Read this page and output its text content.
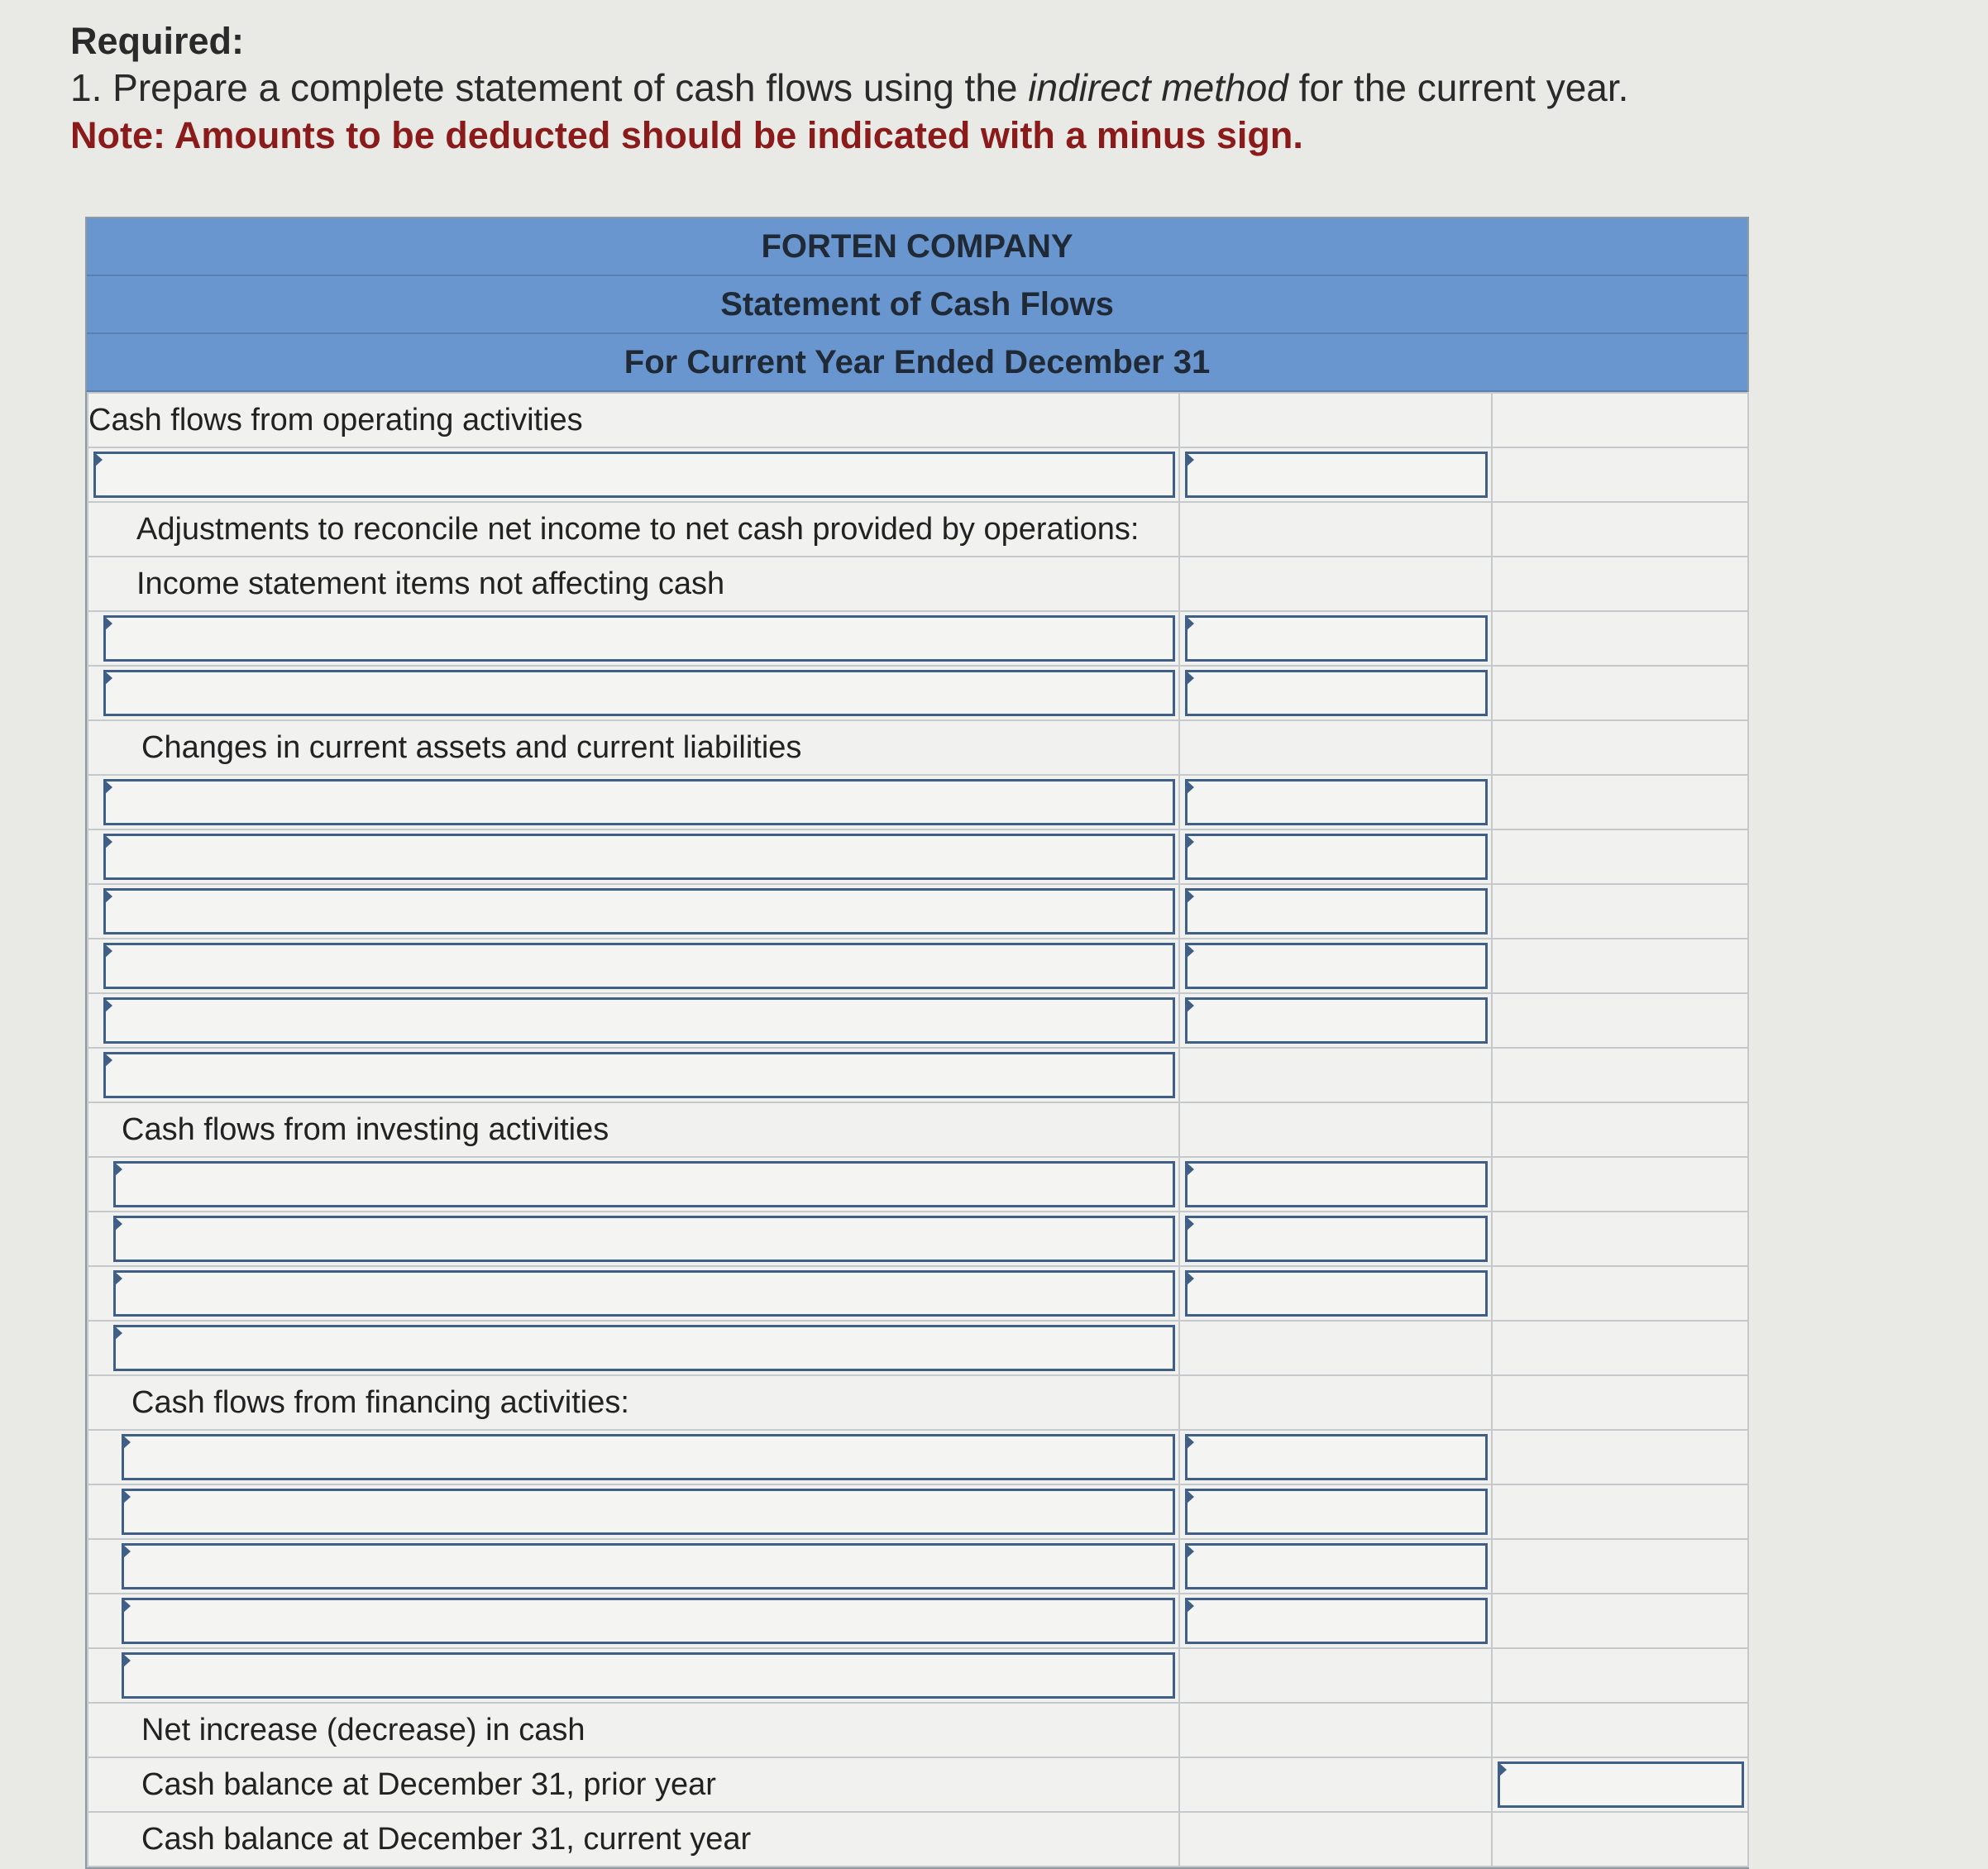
Required:

1. Prepare a complete statement of cash flows using the indirect method for the current year.

Note: Amounts to be deducted should be indicated with a minus sign.

FORTEN COMPANY
Statement of Cash Flows
For Current Year Ended December 31
Cash flows from operating activities		

Adjustments to reconcile net income to net cash provided by operations:		
Income statement items not affecting cash		

Changes in current assets and current liabilities		

Cash flows from investing activities		

Cash flows from financing activities:		

Net increase (decrease) in cash		
Cash balance at December 31, prior year		

Cash balance at December 31, current year		
